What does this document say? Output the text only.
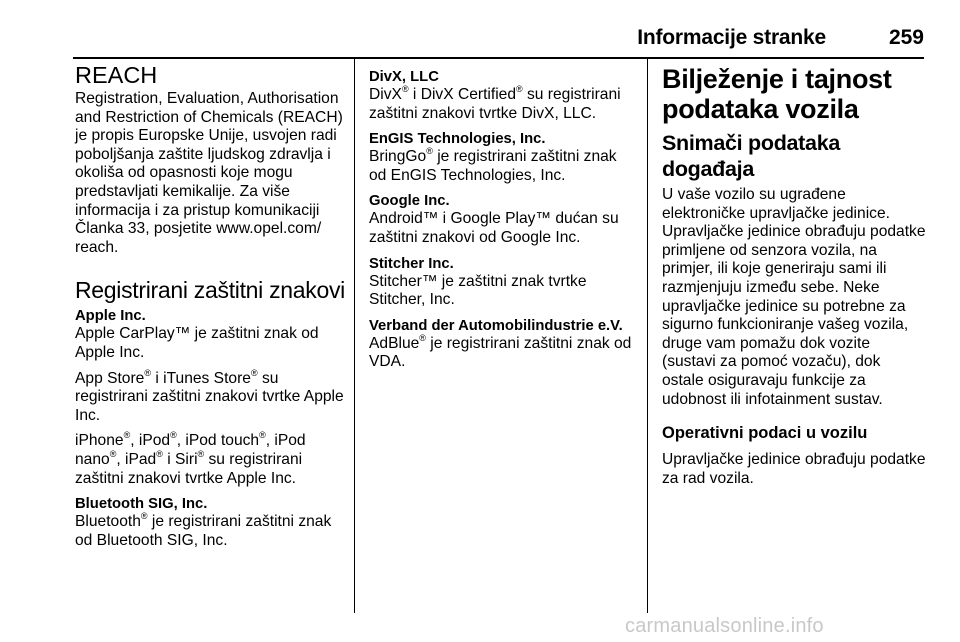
Informacije stranke	259
REACH

Registration, Evaluation, Authorisation and Restriction of Chemicals (REACH) je propis Europske Unije, usvojen radi poboljšanja zaštite ljudskog zdravlja i okoliša od opasnosti koje mogu predstavljati kemikalije. Za više informacija i za pristup komunikaciji Članka 33, posjetite www.opel.com/ reach.

Registrirani zaštitni znakovi
Apple Inc.

Apple CarPlay™ je zaštitni znak od Apple Inc.

App Store® i iTunes Store® su registrirani zaštitni znakovi tvrtke Apple Inc.

iPhone®, iPod®, iPod touch®, iPod nano®, iPad® i Siri® su registrirani zaštitni znakovi tvrtke Apple Inc.

Bluetooth SIG, Inc.

Bluetooth® je registrirani zaštitni znak od Bluetooth SIG, Inc.

DivX, LLC

DivX® i DivX Certified® su registrirani zaštitni znakovi tvrtke DivX, LLC.

EnGIS Technologies, Inc.

BringGo® je registrirani zaštitni znak od EnGIS Technologies, Inc.

Google Inc.

Android™ i Google Play™ dućan su zaštitni znakovi od Google Inc.

Stitcher Inc.

Stitcher™ je zaštitni znak tvrtke Stitcher, Inc.

Verband der Automobilindustrie e.V.

AdBlue® je registrirani zaštitni znak od VDA.

Bilježenje i tajnost podataka vozila
Snimači podataka događaja

U vaše vozilo su ugrađene elektroničke upravljačke jedinice. Upravljačke jedinice obrađuju podatke primljene od senzora vozila, na primjer, ili koje generiraju sami ili razmjenjuju između sebe. Neke upravljačke jedinice su potrebne za sigurno funkcioniranje vašeg vozila, druge vam pomažu dok vozite (sustavi za pomoć vozaču), dok ostale osiguravaju funkcije za udobnost ili infotainment sustav.

Operativni podaci u vozilu

Upravljačke jedinice obrađuju podatke za rad vozila.

carmanualsonline.info
